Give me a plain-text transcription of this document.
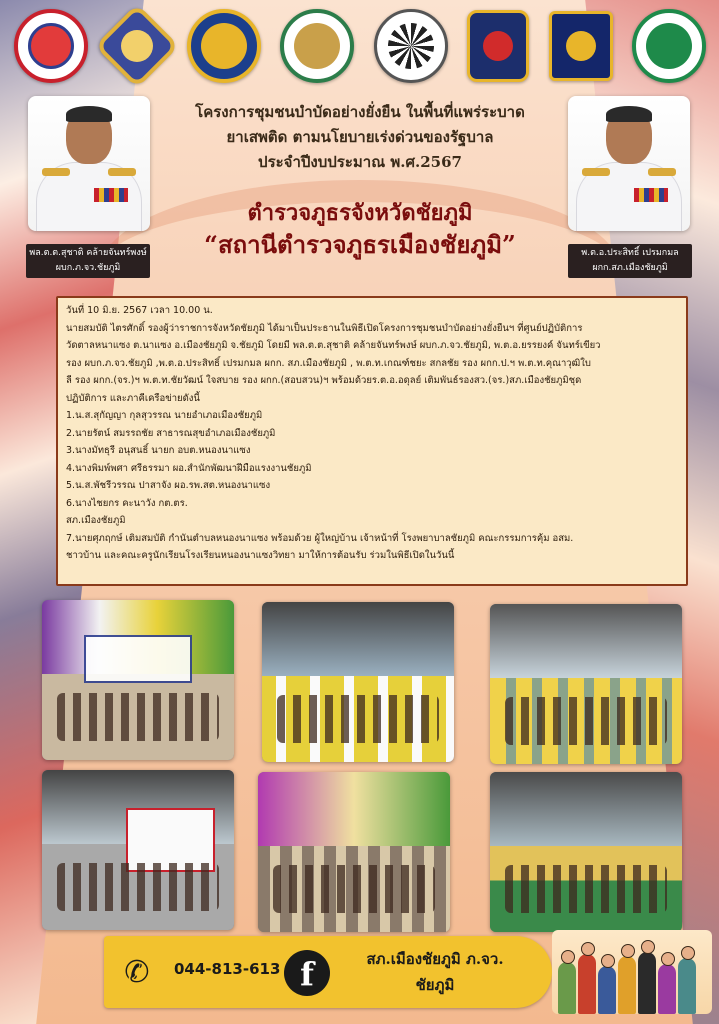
พล.ต.ต.สุชาติ คล้ายจันทร์พงษ์
ผบก.ภ.จว.ชัยภูมิ
พ.ต.อ.ประสิทธิ์ เปรมกมล
ผกก.สภ.เมืองชัยภูมิ
โครงการชุมชนบำบัดอย่างยั่งยืน ในพื้นที่แพร่ระบาด
ยาเสพติด ตามนโยบายเร่งด่วนของรัฐบาล
ประจำปีงบประมาณ พ.ศ.2567
ตำรวจภูธรจังหวัดชัยภูมิ
“สถานีตำรวจภูธรเมืองชัยภูมิ”

วันที่ 10 มิ.ย. 2567 เวลา 10.00 น.

นายสมบัติ ไตรศักดิ์ รองผู้ว่าราชการจังหวัดชัยภูมิ ได้มาเป็นประธานในพิธีเปิดโครงการชุมชนบำบัดอย่างยั่งยืนฯ ที่ศูนย์ปฏิบัติการ

วัดตาลหนาแซง ต.นาแซง อ.เมืองชัยภูมิ จ.ชัยภูมิ โดยมี พล.ต.ต.สุชาติ คล้ายจันทร์พงษ์ ผบก.ภ.จว.ชัยภูมิ, พ.ต.อ.ยรรยงค์ จันทร์เขียว

รอง ผบก.ภ.จว.ชัยภูมิ ,พ.ต.อ.ประสิทธิ์ เปรมกมล ผกก. สภ.เมืองชัยภูมิ , พ.ต.ท.เกณฑ์ชยะ สกลชัย รอง ผกก.ป.ฯ พ.ต.ท.คุณาวุฒิใบ

ลี รอง ผกก.(จร.)ฯ พ.ต.ท.ชัยวัฒน์ ใจสบาย รอง ผกก.(สอบสวน)ฯ พร้อมด้วยร.ต.อ.อดุลย์ เติมพันธ์รองสว.(จร.)สภ.เมืองชัยภูมิชุด

ปฏิบัติการ และภาคีเครือข่ายดังนี้

1.น.ส.สุกัญญา กุลสุวรรณ นายอำเภอเมืองชัยภูมิ

2.นายรัตน์ สมรรถชัย สาธารณสุขอำเภอเมืองชัยภูมิ

3.นางมัทธุรี อนุสนธิ์ นายก อบต.หนองนาแซง

4.นางพิมพ์พศา ศรีธรรมา ผอ.สำนักพัฒนาฝีมือแรงงานชัยภูมิ

5.น.ส.พัชรีวรรณ ปาสาจัง ผอ.รพ.สต.หนองนาแซง

6.นางไชยกร คะนาวัง กต.ตร.

สภ.เมืองชัยภูมิ

7.นายศุภฤกษ์ เติมสมบัติ กำนันตำบลหนองนาแซง พร้อมด้วย ผู้ใหญ่บ้าน เจ้าหน้าที่ โรงพยาบาลชัยภูมิ คณะกรรมการคุ้ม อสม.

ชาวบ้าน และคณะครูนักเรียนโรงเรียนหนองนาแซงวิทยา มาให้การต้อนรับ ร่วมในพิธีเปิดในวันนี้

✆	044-813-613 f	สภ.เมืองชัยภูมิ ภ.จว.
ชัยภูมิ
